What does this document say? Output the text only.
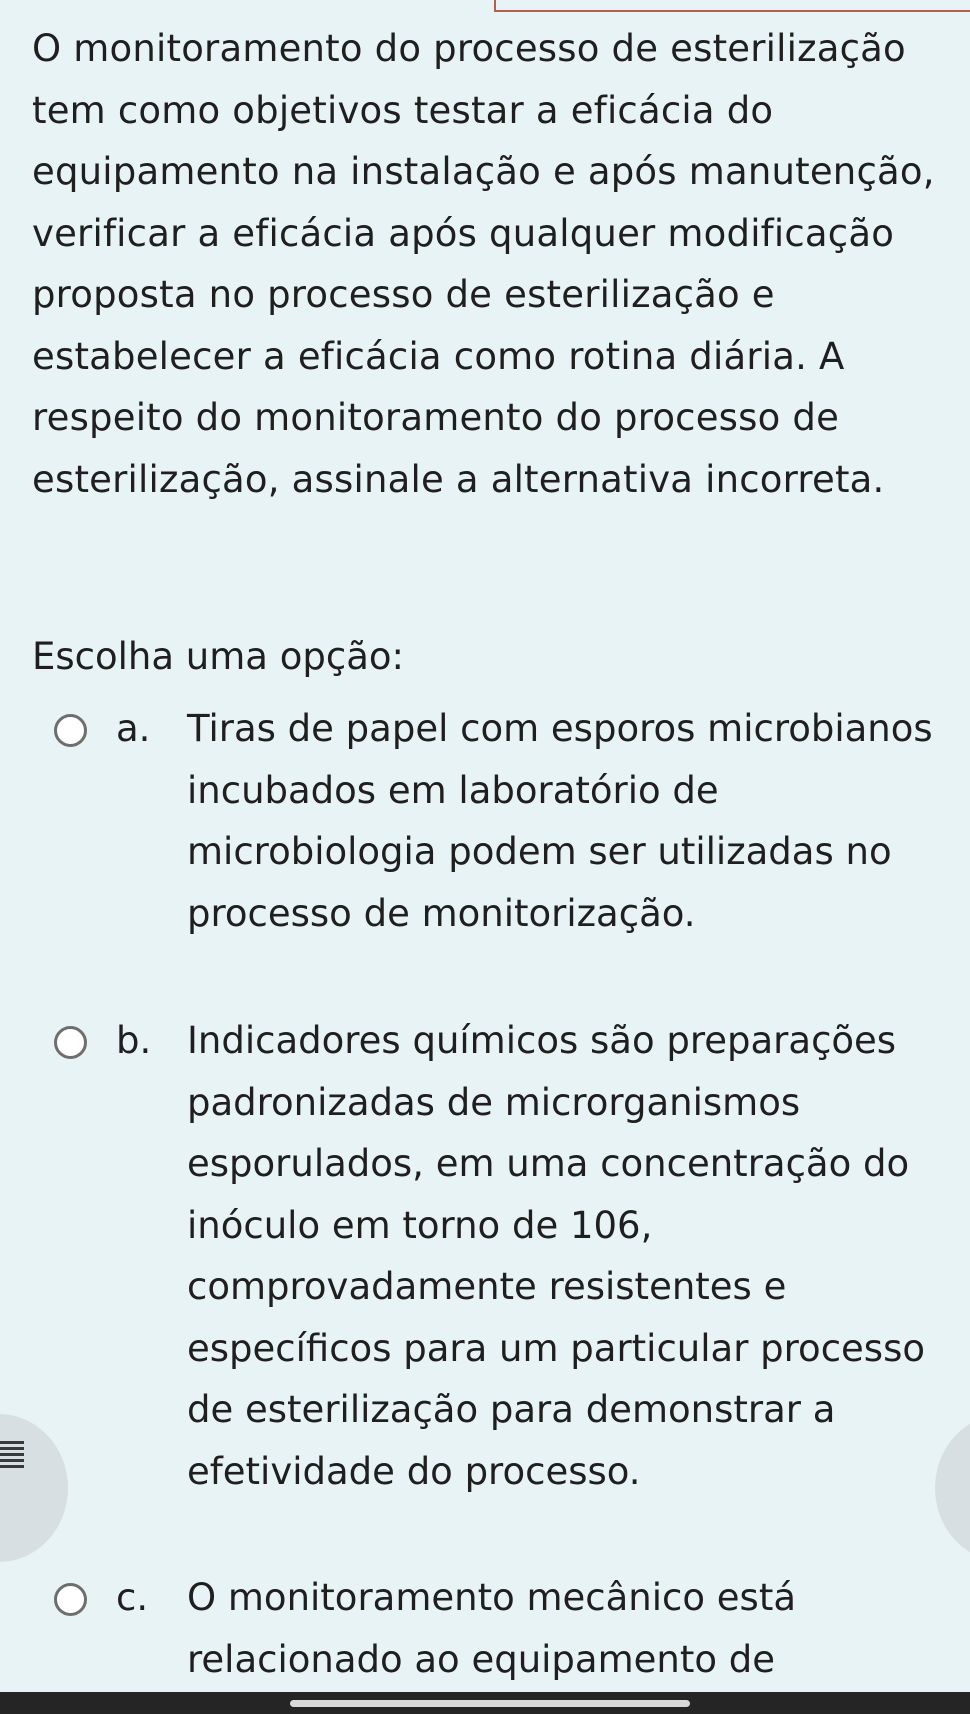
O monitoramento do processo de esterilização tem como objetivos testar a eficácia do equipamento na instalação e após manutenção, verificar a eficácia após qualquer modificação proposta no processo de esterilização e estabelecer a eficácia como rotina diária. A respeito do monitoramento do processo de esterilização, assinale a alternativa incorreta.

Escolha uma opção:

a. Tiras de papel com esporos microbianos incubados em laboratório de microbiologia podem ser utilizadas no processo de monitorização.

b. Indicadores químicos são preparações padronizadas de microrganismos esporulados, em uma concentração do inóculo em torno de 106, comprovadamente resistentes e específicos para um particular processo de esterilização para demonstrar a efetividade do processo.

c. O monitoramento mecânico está relacionado ao equipamento de
